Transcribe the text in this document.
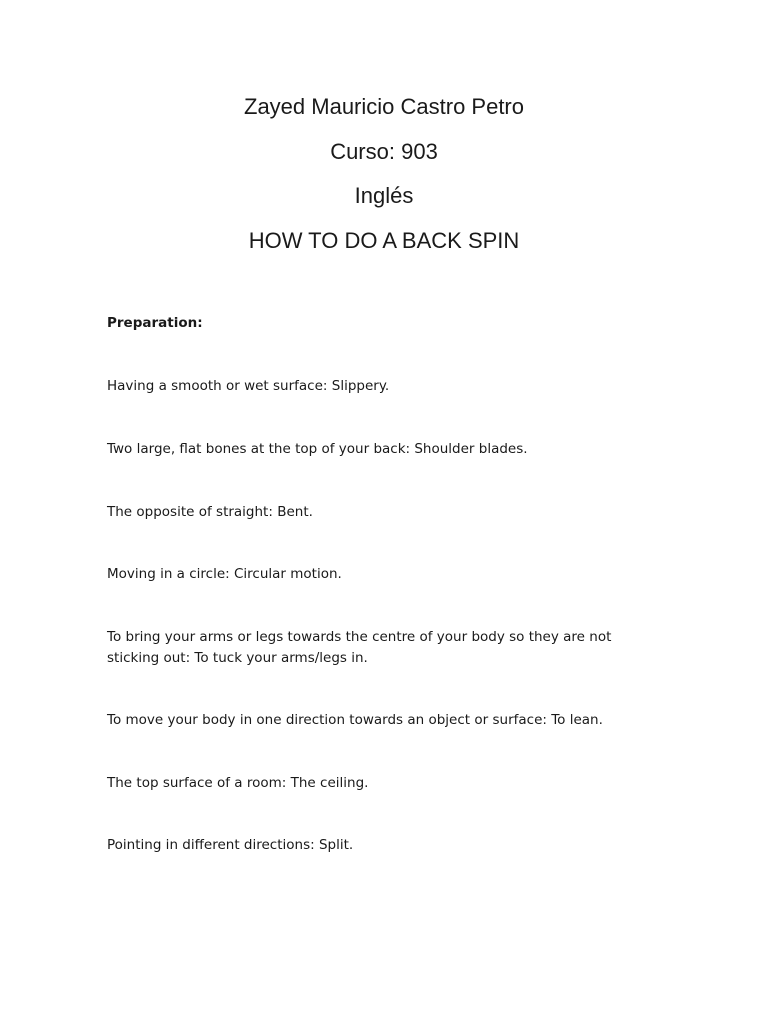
Zayed Mauricio Castro Petro

Curso: 903

Inglés

HOW TO DO A BACK SPIN

Preparation:

Having a smooth or wet surface: Slippery.

Two large, flat bones at the top of your back: Shoulder blades.

The opposite of straight: Bent.

Moving in a circle: Circular motion.

To bring your arms or legs towards the centre of your body so they are not sticking out: To tuck your arms/legs in.

To move your body in one direction towards an object or surface: To lean.

The top surface of a room: The ceiling.

Pointing in different directions: Split.
